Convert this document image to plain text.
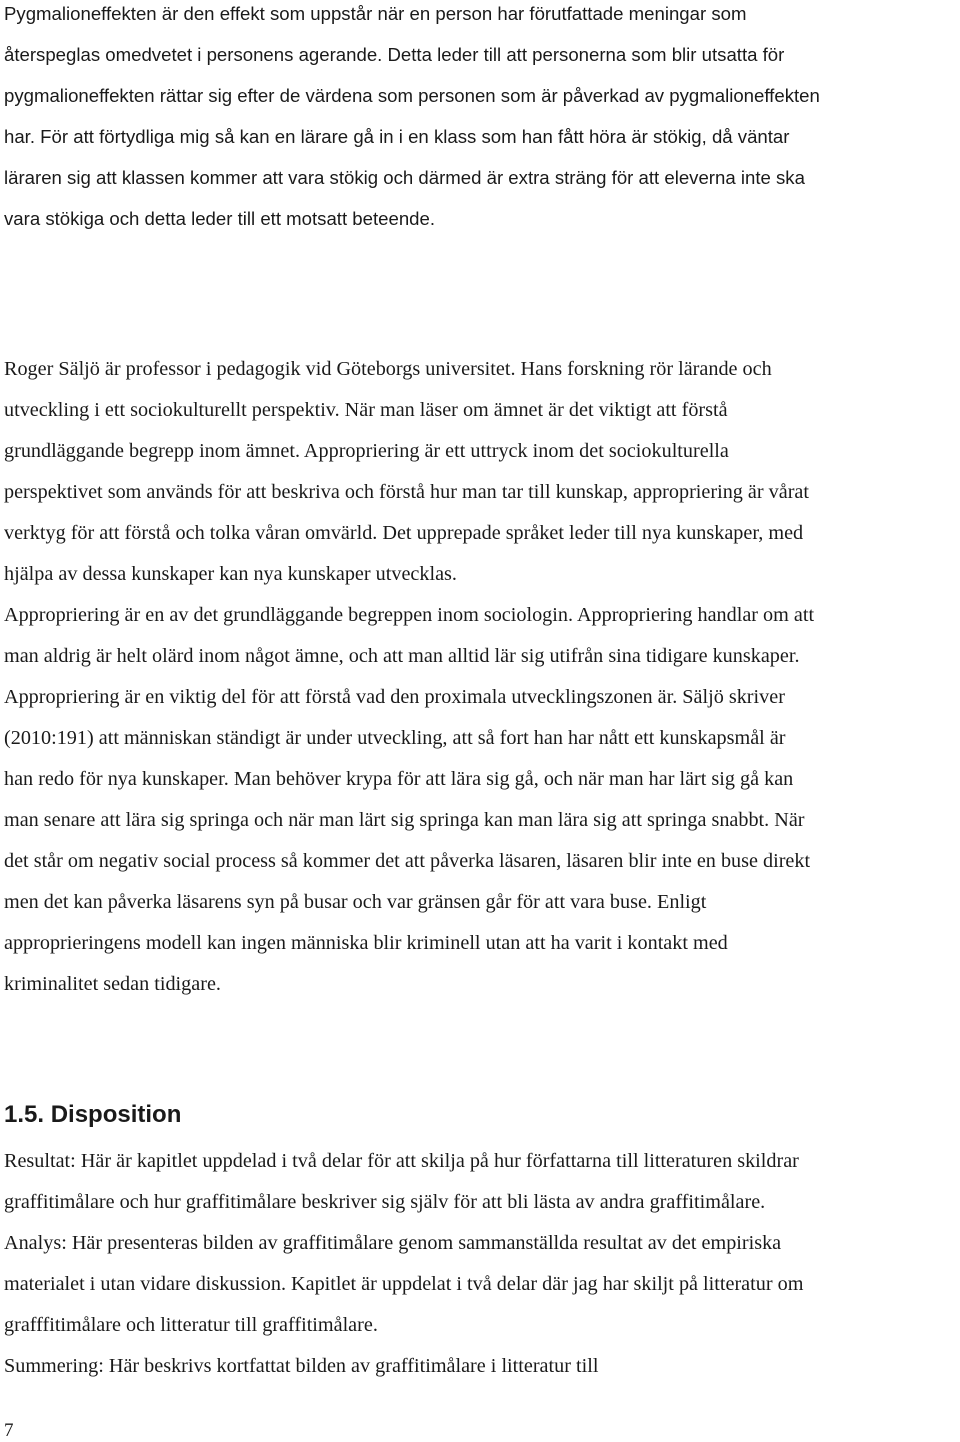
Pygmalioneffekten är den effekt som uppstår när en person har förutfattade meningar som
återspeglas omedvetet i personens agerande. Detta leder till att personerna som blir utsatta för
pygmalioneffekten rättar sig efter de värdena som personen som är påverkad av pygmalioneffekten
har. För att förtydliga mig så kan en lärare gå in i en klass som han fått höra är stökig, då väntar
läraren sig att klassen kommer att vara stökig och därmed är extra sträng för att eleverna inte ska
vara stökiga och detta leder till ett motsatt beteende.
Roger Säljö är professor i pedagogik vid Göteborgs universitet. Hans forskning rör lärande och
utveckling i ett sociokulturellt perspektiv. När man läser om ämnet är det viktigt att förstå
grundläggande begrepp inom ämnet. Appropriering är ett uttryck inom det sociokulturella
perspektivet som används för att beskriva och förstå hur man tar till kunskap, appropriering är vårat
verktyg för att förstå och tolka våran omvärld. Det upprepade språket leder till nya kunskaper, med
hjälpa av dessa kunskaper kan nya kunskaper utvecklas.
Appropriering är en av det grundläggande begreppen inom sociologin. Appropriering handlar om att
man aldrig är helt olärd inom något ämne, och att man alltid lär sig utifrån sina tidigare kunskaper.
Appropriering är en viktig del för att förstå vad den proximala utvecklingszonen är. Säljö skriver
(2010:191) att människan ständigt är under utveckling, att så fort han har nått ett kunskapsmål är
han redo för nya kunskaper. Man behöver krypa för att lära sig gå, och när man har lärt sig gå kan
man senare att lära sig springa och när man lärt sig springa kan man lära sig att springa snabbt. När
det står om negativ social process så kommer det att påverka läsaren, läsaren blir inte en buse direkt
men det kan påverka läsarens syn på busar och var gränsen går för att vara buse. Enligt
approprieringens modell kan ingen människa blir kriminell utan att ha varit i kontakt med
kriminalitet sedan tidigare.
1.5. Disposition
Resultat: Här är kapitlet uppdelad i två delar för att skilja på hur författarna till litteraturen skildrar
graffitimålare och hur graffitimålare beskriver sig själv för att bli lästa av andra graffitimålare.
Analys: Här presenteras bilden av graffitimålare genom sammanställda resultat av det empiriska
materialet i utan vidare diskussion. Kapitlet är uppdelat i två delar där jag har skiljt på litteratur om
grafffitimålare och litteratur till graffitimålare.
Summering: Här beskrivs kortfattat bilden av graffitimålare i litteratur till
7
